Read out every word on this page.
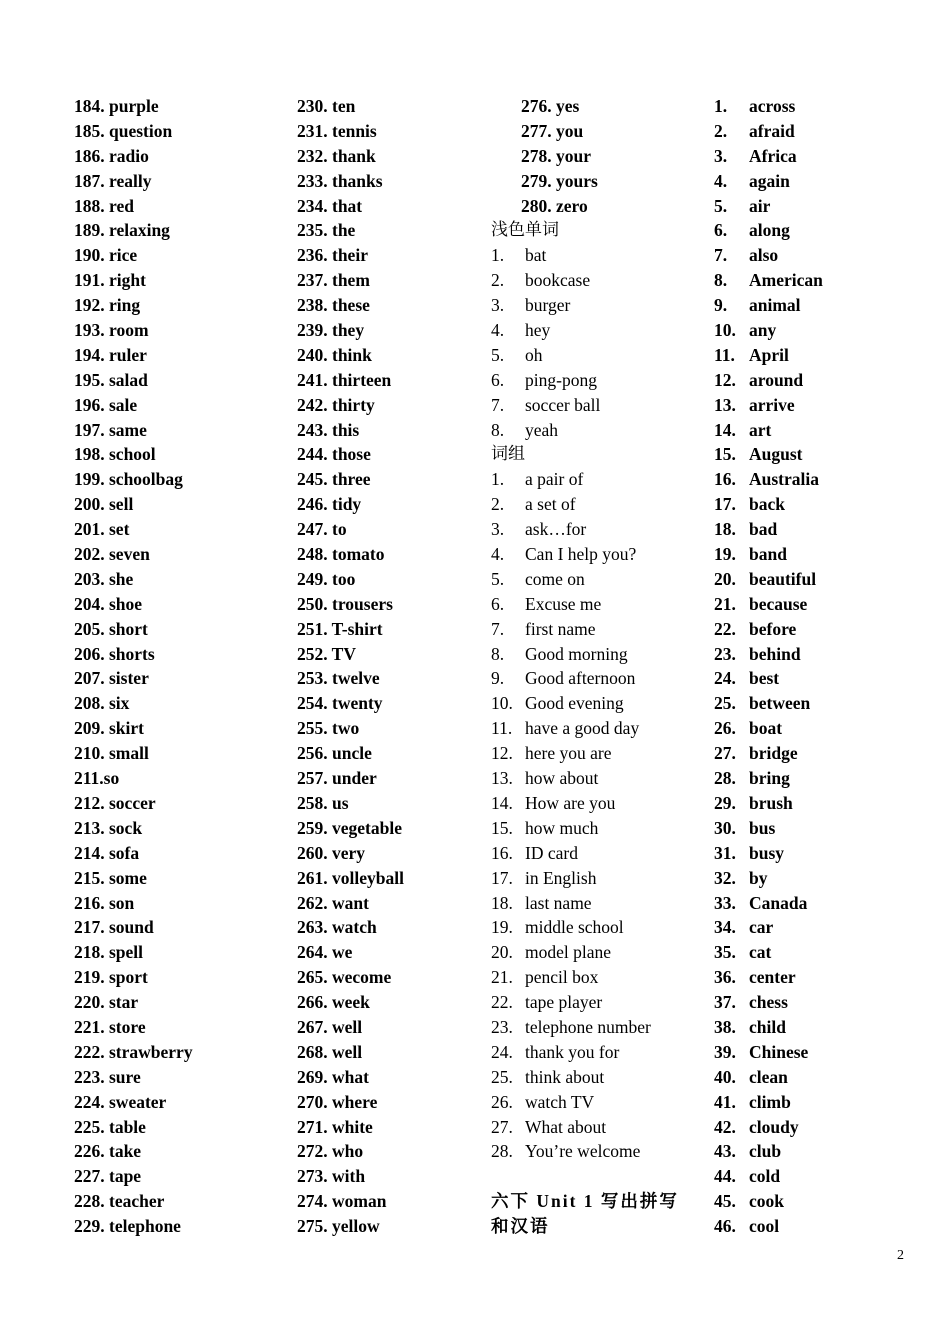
184. purple
185. question
186. radio
187. really
188. red
189. relaxing
190. rice
191. right
192. ring
193. room
194. ruler
195. salad
196. sale
197. same
198. school
199. schoolbag
200. sell
201. set
202. seven
203. she
204. shoe
205. short
206. shorts
207. sister
208. six
209. skirt
210. small
211.so
212. soccer
213. sock
214. sofa
215. some
216. son
217. sound
218. spell
219. sport
220. star
221. store
222. strawberry
223. sure
224. sweater
225. table
226. take
227. tape
228. teacher
229. telephone
230. ten
231. tennis
232. thank
233. thanks
234. that
235. the
236. their
237. them
238. these
239. they
240. think
241. thirteen
242. thirty
243. this
244. those
245. three
246. tidy
247. to
248. tomato
249. too
250. trousers
251. T-shirt
252. TV
253. twelve
254. twenty
255. two
256. uncle
257. under
258. us
259. vegetable
260. very
261. volleyball
262. want
263. watch
264. we
265. wecome
266. week
267. well
268. well
269. what
270. where
271. white
272. who
273. with
274. woman
275. yellow
276. yes
277. you
278. your
279. yours
280. zero
浅色单词
1. bat
2. bookcase
3. burger
4. hey
5. oh
6. ping-pong
7. soccer ball
8. yeah
词组
1. a pair of
2. a set of
3. ask…for
4. Can I help you?
5. come on
6. Excuse me
7. first name
8. Good morning
9. Good afternoon
10. Good evening
11. have a good day
12. here you are
13. how about
14. How are you
15. how much
16. ID card
17. in English
18. last name
19. middle school
20. model plane
21. pencil box
22. tape player
23. telephone number
24. thank you for
25. think about
26. watch TV
27. What about
28. You’re welcome
六下 Unit 1 写出拼写
和汉语
1. across
2. afraid
3. Africa
4. again
5. air
6. along
7. also
8. American
9. animal
10. any
11. April
12. around
13. arrive
14. art
15. August
16. Australia
17. back
18. bad
19. band
20. beautiful
21. because
22. before
23. behind
24. best
25. between
26. boat
27. bridge
28. bring
29. brush
30. bus
31. busy
32. by
33. Canada
34. car
35. cat
36. center
37. chess
38. child
39. Chinese
40. clean
41. climb
42. cloudy
43. club
44. cold
45. cook
46. cool
2
